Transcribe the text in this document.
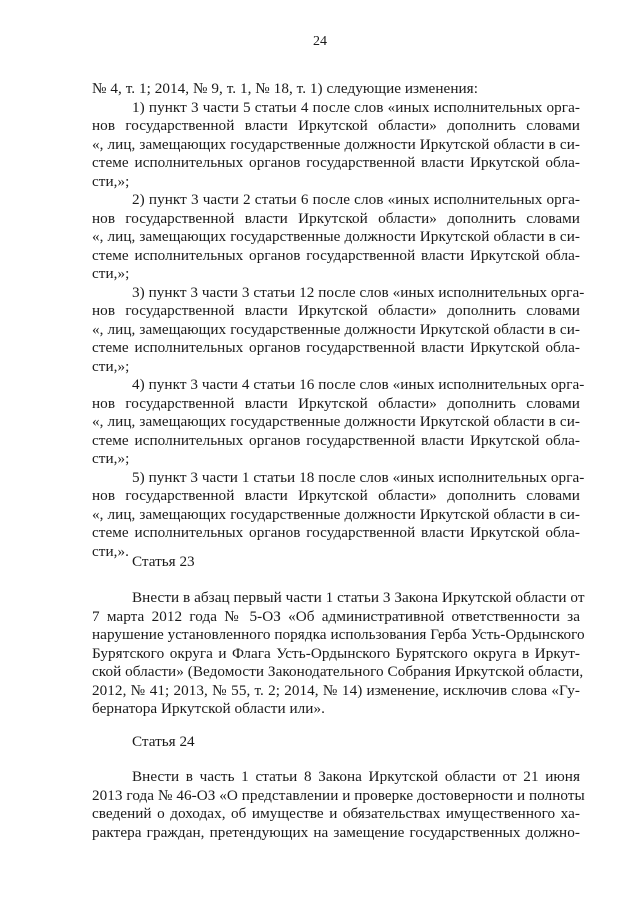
24
№ 4, т. 1; 2014, № 9, т. 1, № 18, т. 1) следующие изменения:
1) пункт 3 части 5 статьи 4 после слов «иных исполнительных орга-
нов государственной власти Иркутской области» дополнить словами
«, лиц, замещающих государственные должности Иркутской области в си-
стеме исполнительных органов государственной власти Иркутской обла-
сти,»;
2) пункт 3 части 2 статьи 6 после слов «иных исполнительных орга-
нов государственной власти Иркутской области» дополнить словами
«, лиц, замещающих государственные должности Иркутской области в си-
стеме исполнительных органов государственной власти Иркутской обла-
сти,»;
3) пункт 3 части 3 статьи 12 после слов «иных исполнительных орга-
нов государственной власти Иркутской области» дополнить словами
«, лиц, замещающих государственные должности Иркутской области в си-
стеме исполнительных органов государственной власти Иркутской обла-
сти,»;
4) пункт 3 части 4 статьи 16 после слов «иных исполнительных орга-
нов государственной власти Иркутской области» дополнить словами
«, лиц, замещающих государственные должности Иркутской области в си-
стеме исполнительных органов государственной власти Иркутской обла-
сти,»;
5) пункт 3 части 1 статьи 18 после слов «иных исполнительных орга-
нов государственной власти Иркутской области» дополнить словами
«, лиц, замещающих государственные должности Иркутской области в си-
стеме исполнительных органов государственной власти Иркутской обла-
сти,».
Статья 23
Внести в абзац первый части 1 статьи 3 Закона Иркутской области от
7 марта 2012 года № 5-ОЗ «Об административной ответственности за
нарушение установленного порядка использования Герба Усть-Ордынского
Бурятского округа и Флага Усть-Ордынского Бурятского округа в Иркут-
ской области» (Ведомости Законодательного Собрания Иркутской области,
2012, № 41; 2013, № 55, т. 2; 2014, № 14) изменение, исключив слова «Гу-
бернатора Иркутской области или».
Статья 24
Внести в часть 1 статьи 8 Закона Иркутской области от 21 июня
2013 года № 46-ОЗ «О представлении и проверке достоверности и полноты
сведений о доходах, об имуществе и обязательствах имущественного ха-
рактера граждан, претендующих на замещение государственных должно-
